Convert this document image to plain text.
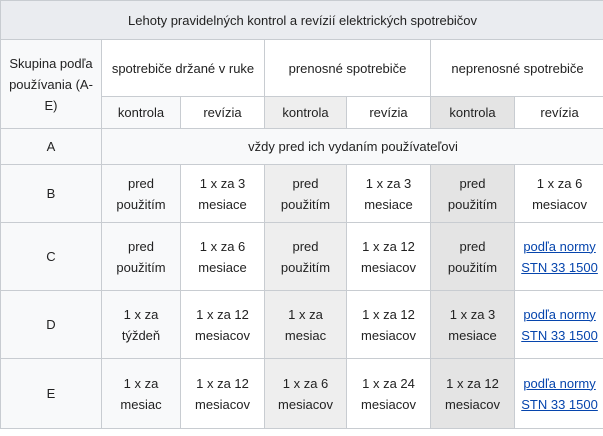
Lehoty pravidelných kontrol a revízií elektrických spotrebičov						
Skupina podľa používania (A-E)	spotrebiče držané v ruke		prenosné spotrebiče		neprenosné spotrebiče	
	kontrola	revízia	kontrola	revízia	kontrola	revízia
A	vždy pred ich vydaním používateľovi					
B	pred použitím	1 x za 3 mesiace	pred použitím	1 x za 3 mesiace	pred použitím	1 x za 6 mesiacov
C	pred použitím	1 x za 6 mesiace	pred použitím	1 x za 12 mesiacov	pred použitím	podľa normy STN 33 1500
D	1 x za týždeň	1 x za 12 mesiacov	1 x za mesiac	1 x za 12 mesiacov	1 x za 3 mesiace	podľa normy STN 33 1500
E	1 x za mesiac	1 x za 12 mesiacov	1 x za 6 mesiacov	1 x za 24 mesiacov	1 x za 12 mesiacov	podľa normy STN 33 1500
